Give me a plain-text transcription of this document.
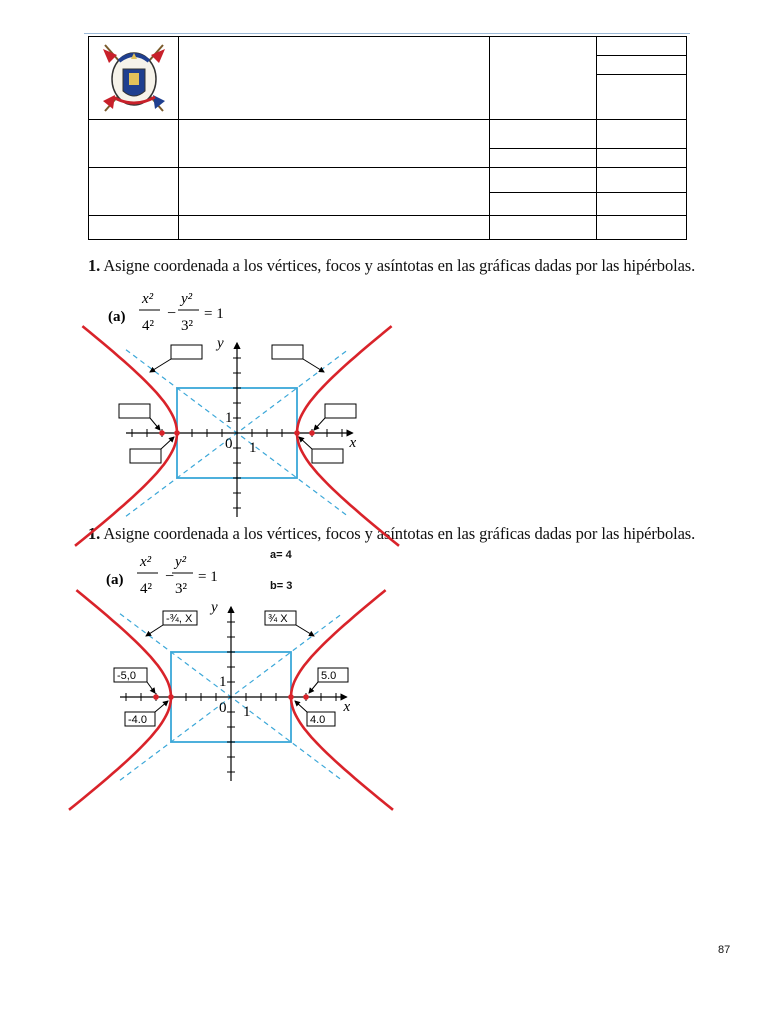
1. Asigne coordenada a los vértices, focos y asíntotas en las gráficas dadas por las hipérbolas.
1. Asigne coordenada a los vértices, focos y asíntotas en las gráficas dadas por las hipérbolas.
(a)
x²
4²
−
y²
3²
= 1
x
y
0
1
1
(a)
x²
4²
−
y²
3²
= 1
x
y
0
1
1
-¾, X	¾ X
-5,0	5.0
-4.0	4.0
a= 4
b= 3
87
